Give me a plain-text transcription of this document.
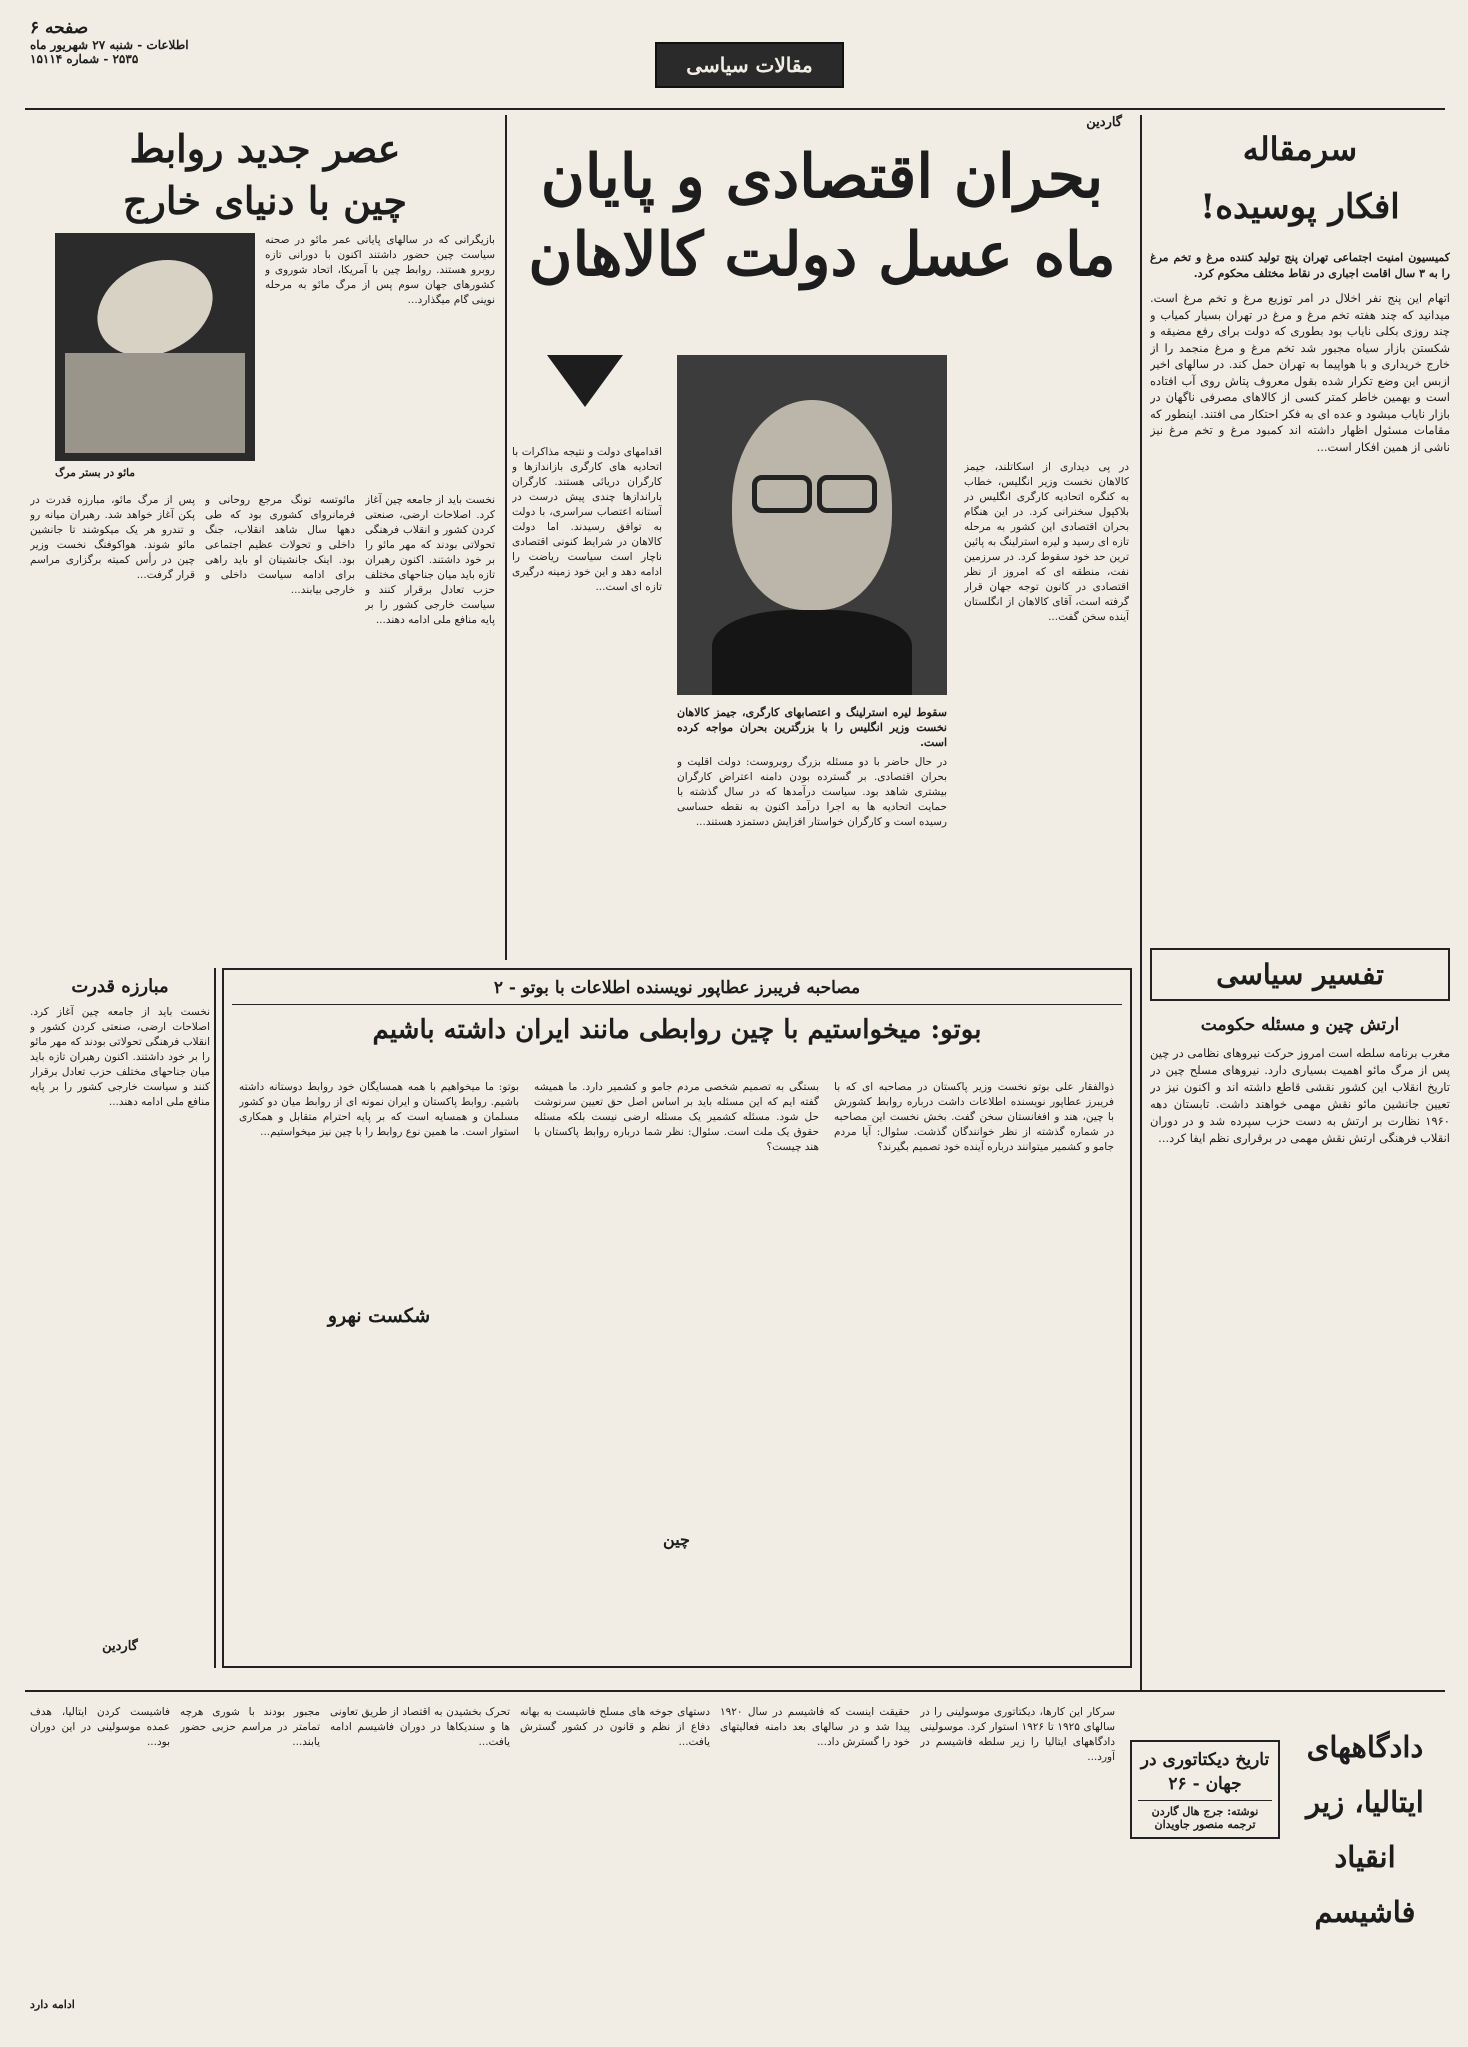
صفحه ۶
اطلاعات - شنبه ۲۷ شهریور ماه
۲۵۳۵ - شماره ۱۵۱۱۴	مقالات سیاسی
سرمقاله
افکار پوسیده!
کمیسیون امنیت اجتماعی تهران پنج تولید کننده مرغ و تخم مرغ را به ۳ سال اقامت اجباری در نقاط مختلف محکوم کرد.
اتهام این پنج نفر اخلال در امر توزیع مرغ و تخم مرغ است. میدانید که چند هفته تخم مرغ و مرغ در تهران بسیار کمیاب و چند روزی بکلی نایاب بود بطوری که دولت برای رفع مضیقه و شکستن بازار سیاه مجبور شد تخم مرغ و مرغ منجمد را از خارج خریداری و با هواپیما به تهران حمل کند. در سالهای اخیر ازبس این وضع تکرار شده بقول معروف پتاش روی آب افتاده است و بهمین خاطر کمتر کسی از کالاهای مصرفی ناگهان در بازار نایاب میشود و عده ای به فکر احتکار می افتند. اینطور که مقامات مسئول اظهار داشته اند کمبود مرغ و تخم مرغ نیز ناشی از همین افکار است...
تفسیر سیاسی
ارتش چین و مسئله حکومت
مغرب برنامه سلطه است امروز حرکت نیروهای نظامی در چین پس از مرگ مائو اهمیت بسیاری دارد. نیروهای مسلح چین در تاریخ انقلاب این کشور نقشی قاطع داشته اند و اکنون نیز در تعیین جانشین مائو نقش مهمی خواهند داشت. تابستان دهه ۱۹۶۰ نظارت بر ارتش به دست حزب سپرده شد و در دوران انقلاب فرهنگی ارتش نقش مهمی در برقراری نظم ایفا کرد...
گاردین
بحران اقتصادی و پایان
ماه عسل دولت کالاهان
سقوط لیره استرلینگ و اعتصابهای کارگری، جیمز کالاهان نخست وزیر انگلیس را با بزرگترین بحران مواجه کرده است.
در پی دیداری از اسکاتلند، جیمز کالاهان نخست وزیر انگلیس، خطاب به کنگره اتحادیه کارگری انگلیس در بلاکپول سخنرانی کرد. در این هنگام بحران اقتصادی این کشور به مرحله تازه ای رسید و لیره استرلینگ به پائین ترین حد خود سقوط کرد. در سرزمین نفت، منطقه ای که امروز از نظر اقتصادی در کانون توجه جهان قرار گرفته است، آقای کالاهان از انگلستان آینده سخن گفت...
در حال حاضر با دو مسئله بزرگ روبروست: دولت اقلیت و بحران اقتصادی. بر گسترده بودن دامنه اعتراض کارگران بیشتری شاهد بود. سیاست درآمدها که در سال گذشته با حمایت اتحادیه ها به اجرا درآمد اکنون به نقطه حساسی رسیده است و کارگران خواستار افزایش دستمزد هستند...
اقدامهای دولت و نتیجه مذاکرات با اتحادیه های کارگری بازاندازها و کارگران دریائی هستند. کارگران باراندازها چندی پیش درست در آستانه اعتصاب سراسری، با دولت به توافق رسیدند. اما دولت کالاهان در شرایط کنونی اقتصادی ناچار است سیاست ریاضت را ادامه دهد و این خود زمینه درگیری تازه ای است...
عصر جدید روابط
چین با دنیای خارج
مائو در بستر مرگ
بازیگرانی که در سالهای پایانی عمر مائو در صحنه سیاست چین حضور داشتند اکنون با دورانی تازه روبرو هستند. روابط چین با آمریکا، اتحاد شوروی و کشورهای جهان سوم پس از مرگ مائو به مرحله نوینی گام میگذارد...
مائوتسه تونگ مرجع روحانی و فرمانروای کشوری بود که طی دهها سال شاهد انقلاب، جنگ داخلی و تحولات عظیم اجتماعی بود. اینک جانشینان او باید راهی برای ادامه سیاست داخلی و خارجی بیابند...
نخست باید از جامعه چین آغاز کرد. اصلاحات ارضی، صنعتی کردن کشور و انقلاب فرهنگی تحولاتی بودند که مهر مائو را بر خود داشتند. اکنون رهبران تازه باید میان جناحهای مختلف حزب تعادل برقرار کنند و سیاست خارجی کشور را بر پایه منافع ملی ادامه دهند...
پس از مرگ مائو، مبارزه قدرت در پکن آغاز خواهد شد. رهبران میانه رو و تندرو هر یک میکوشند تا جانشین مائو شوند. هواکوفنگ نخست وزیر چین در رأس کمیته برگزاری مراسم قرار گرفت...
مبارزه قدرت
نخست باید از جامعه چین آغاز کرد. اصلاحات ارضی، صنعتی کردن کشور و انقلاب فرهنگی تحولاتی بودند که مهر مائو را بر خود داشتند. اکنون رهبران تازه باید میان جناحهای مختلف حزب تعادل برقرار کنند و سیاست خارجی کشور را بر پایه منافع ملی ادامه دهند...
گاردین
مصاحبه فریبرز عطاپور نویسنده اطلاعات با بوتو - ۲
بوتو: میخواستیم با چین روابطی مانند ایران داشته باشیم
ذوالفقار علی بوتو نخست وزیر پاکستان در مصاحبه ای که با فریبرز عطاپور نویسنده اطلاعات داشت درباره روابط کشورش با چین، هند و افغانستان سخن گفت. بخش نخست این مصاحبه در شماره گذشته از نظر خوانندگان گذشت. سئوال: آیا مردم جامو و کشمیر میتوانند درباره آینده خود تصمیم بگیرند؟
بستگی به تصمیم شخصی مردم جامو و کشمیر دارد. ما همیشه گفته ایم که این مسئله باید بر اساس اصل حق تعیین سرنوشت حل شود. مسئله کشمیر یک مسئله ارضی نیست بلکه مسئله حقوق یک ملت است. سئوال: نظر شما درباره روابط پاکستان با هند چیست؟
شکست نهرو
بوتو: ما میخواهیم با همه همسایگان خود روابط دوستانه داشته باشیم. روابط پاکستان و ایران نمونه ای از روابط میان دو کشور مسلمان و همسایه است که بر پایه احترام متقابل و همکاری استوار است. ما همین نوع روابط را با چین نیز میخواستیم...
چین
دادگاههای ایتالیا، زیر انقیاد فاشیسم
تاریخ دیکتاتوری در جهان - ۲۶
نوشته: جرج هال گاردن
ترجمه منصور جاویدان
سرکار این کارها، دیکتاتوری موسولینی را در سالهای ۱۹۲۵ تا ۱۹۲۶ استوار کرد. موسولینی دادگاههای ایتالیا را زیر سلطه فاشیسم در آورد...
حقیقت اینست که فاشیسم در سال ۱۹۲۰ پیدا شد و در سالهای بعد دامنه فعالیتهای خود را گسترش داد...
دستهای جوخه های مسلح فاشیست به بهانه دفاع از نظم و قانون در کشور گسترش یافت...
تحرک بخشیدن به اقتصاد از طریق تعاونی ها و سندیکاها در دوران فاشیسم ادامه یافت...
مجبور بودند با شوری هرچه تمامتر در مراسم حزبی حضور یابند...
فاشیست کردن ایتالیا، هدف عمده موسولینی در این دوران بود...
ادامه دارد
